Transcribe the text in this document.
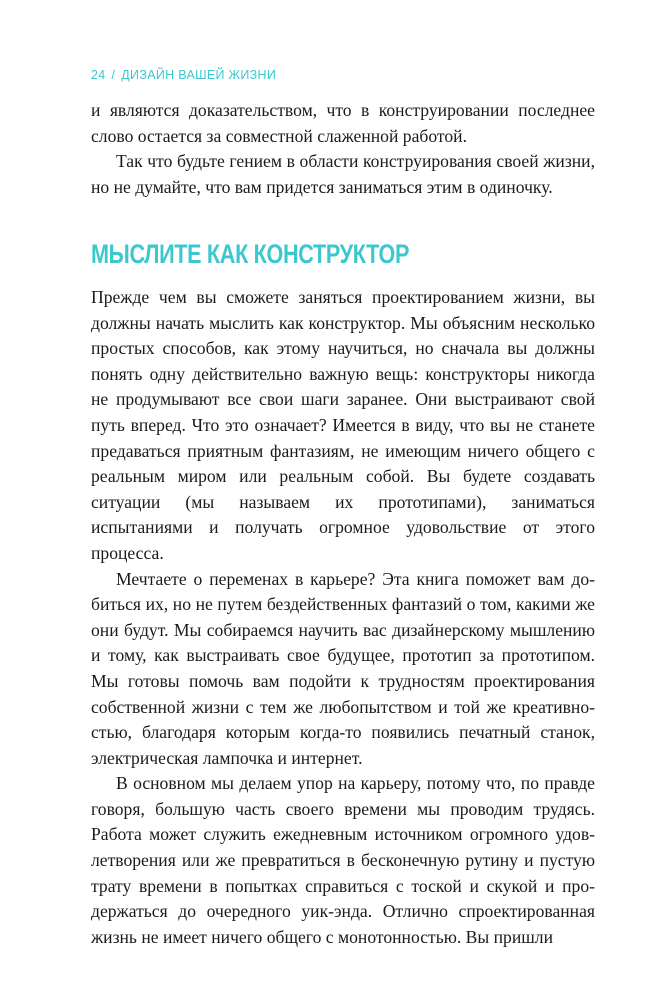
24 / ДИЗАЙН ВАШЕЙ ЖИЗНИ

и являются доказательством, что в конструировании последнее слово остается за совместной слаженной работой.

Так что будьте гением в области конструирования своей жизни, но не думайте, что вам придется заниматься этим в одиночку.

МЫСЛИТЕ КАК КОНСТРУКТОР

Прежде чем вы сможете заняться проектированием жизни, вы должны начать мыслить как конструктор. Мы объясним несколько простых способов, как этому научиться, но сначала вы должны понять одну действительно важную вещь: конструкторы никогда не продумывают все свои шаги заранее. Они выстраивают свой путь вперед. Что это означает? Имеется в виду, что вы не станете предаваться приятным фантазиям, не имеющим ничего общего с реальным миром или реальным собой. Вы будете создавать ситуации (мы называем их прототипами), заниматься испытаниями и получать огромное удовольствие от этого процесса.

Мечтаете о переменах в карьере? Эта книга поможет вам добиться их, но не путем бездейственных фантазий о том, какими же они будут. Мы собираемся научить вас дизайнерскому мышлению и тому, как выстраивать свое будущее, прототип за прототипом. Мы готовы помочь вам подойти к трудностям проектирования собственной жизни с тем же любопытством и той же креативностью, благодаря которым когда-то появились печатный станок, электрическая лампочка и интернет.

В основном мы делаем упор на карьеру, потому что, по правде говоря, большую часть своего времени мы проводим трудясь. Работа может служить ежедневным источником огромного удовлетворения или же превратиться в бесконечную рутину и пустую трату времени в попытках справиться с тоской и скукой и продержаться до очередного уик-энда. Отлично спроектированная жизнь не имеет ничего общего с монотонностью. Вы пришли
